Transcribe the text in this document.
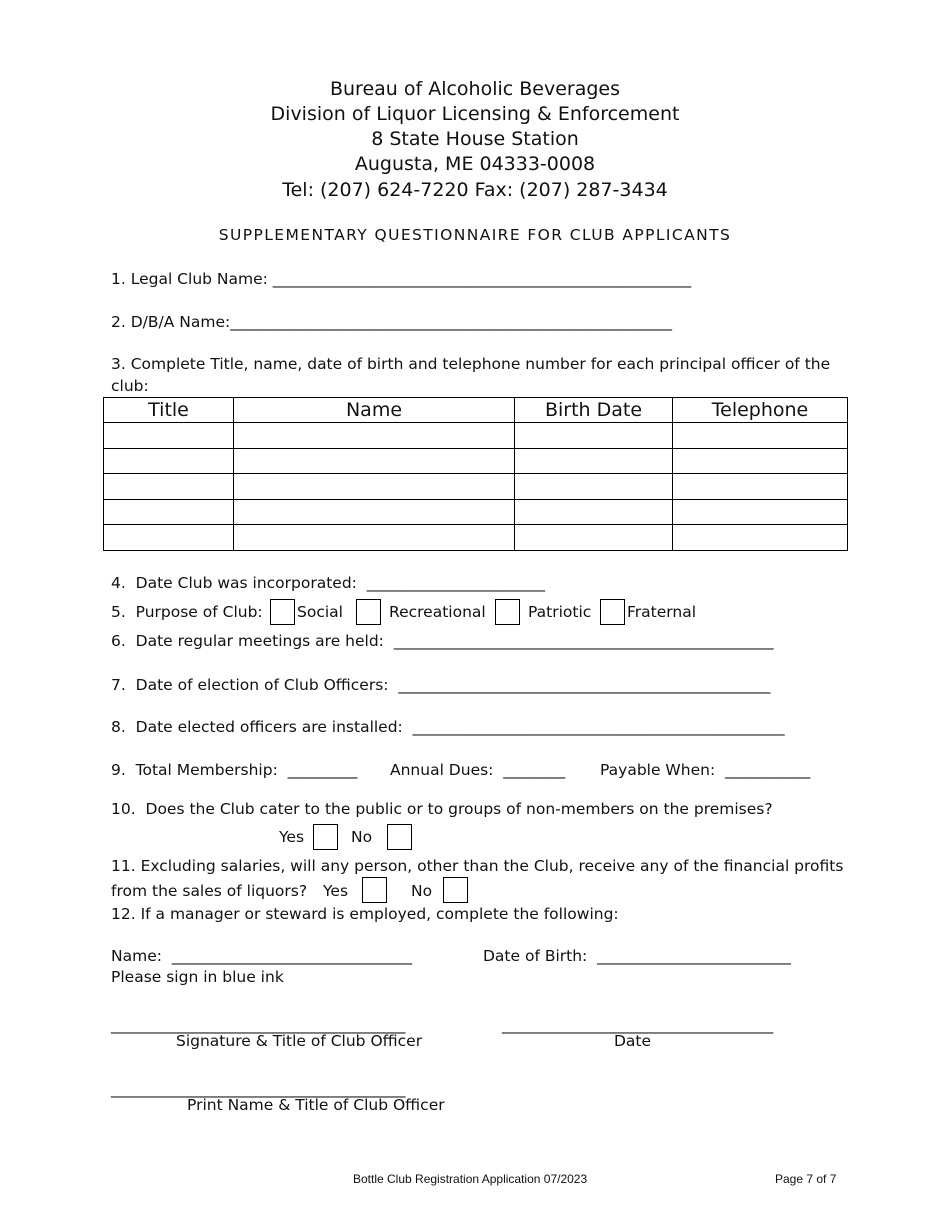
Bureau of Alcoholic Beverages
Division of Liquor Licensing & Enforcement
8 State House Station
Augusta, ME 04333-0008
Tel: (207) 624-7220 Fax: (207) 287-3434
SUPPLEMENTARY QUESTIONNAIRE FOR CLUB APPLICANTS
1. Legal Club Name: ______________________________________________________
2. D/B/A Name:_________________________________________________________
3. Complete Title, name, date of birth and telephone number for each principal officer of the
club:
Title	Name	Birth Date	Telephone

4.  Date Club was incorporated:  _______________________
5.  Purpose of Club: Social	Recreational	Patriotic Fraternal
6.  Date regular meetings are held:  _________________________________________________
7.  Date of election of Club Officers:  ________________________________________________
8.  Date elected officers are installed:  ________________________________________________
9.  Total Membership:  _________ Annual Dues:  ________ Payable When:  ___________
10.  Does the Club cater to the public or to groups of non-members on the premises?
Yes	No
11. Excluding salaries, will any person, other than the Club, receive any of the financial profits
from the sales of liquors? Yes	No
12. If a manager or steward is employed, complete the following:
Name:  _______________________________	Date of Birth:  _________________________
Please sign in blue ink
______________________________________
Signature & Title of Club Officer
___________________________________
Date
______________________________________
Print Name & Title of Club Officer
Bottle Club Registration Application 07/2023	Page 7 of 7
